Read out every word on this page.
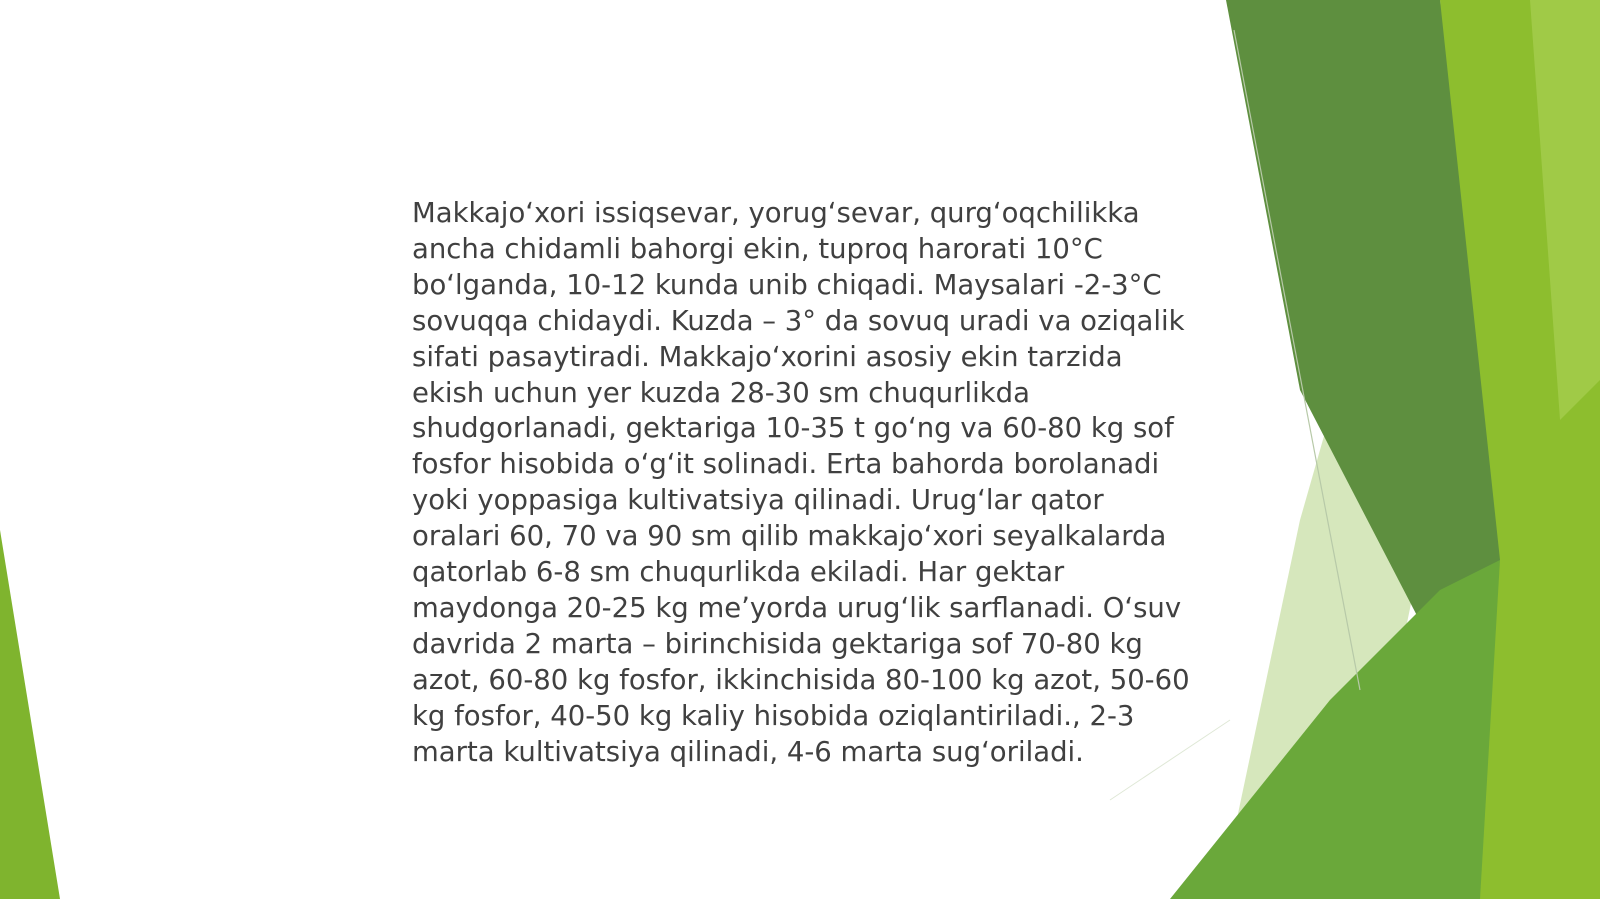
Makkajoʻxori issiqsevar, yorugʻsevar, qurgʻoqchilikka ancha chidamli bahorgi ekin, tuproq harorati 10°C boʻlganda, 10-12 kunda unib chiqadi. Maysalari -2-3°C sovuqqa chidaydi. Kuzda – 3° da sovuq uradi va oziqalik sifati pasaytiradi. Makkajoʻxorini asosiy ekin tarzida ekish uchun yer kuzda 28-30 sm chuqurlikda shudgorlanadi, gektariga 10-35 t goʻng va 60-80 kg sof fosfor hisobida oʻgʻit solinadi. Erta bahorda borolanadi yoki yoppasiga kultivatsiya qilinadi. Urugʻlar qator oralari 60, 70 va 90 sm qilib makkajoʻxori seyalkalarda qatorlab 6-8 sm chuqurlikda ekiladi. Har gektar maydonga 20-25 kg meʼyorda urugʻlik sarflanadi. Oʻsuv davrida 2 marta – birinchisida gektariga sof 70-80 kg azot, 60-80 kg fosfor, ikkinchisida 80-100 kg azot, 50-60 kg fosfor, 40-50 kg kaliy hisobida oziqlantiriladi., 2-3 marta kultivatsiya qilinadi, 4-6 marta sugʻoriladi.
